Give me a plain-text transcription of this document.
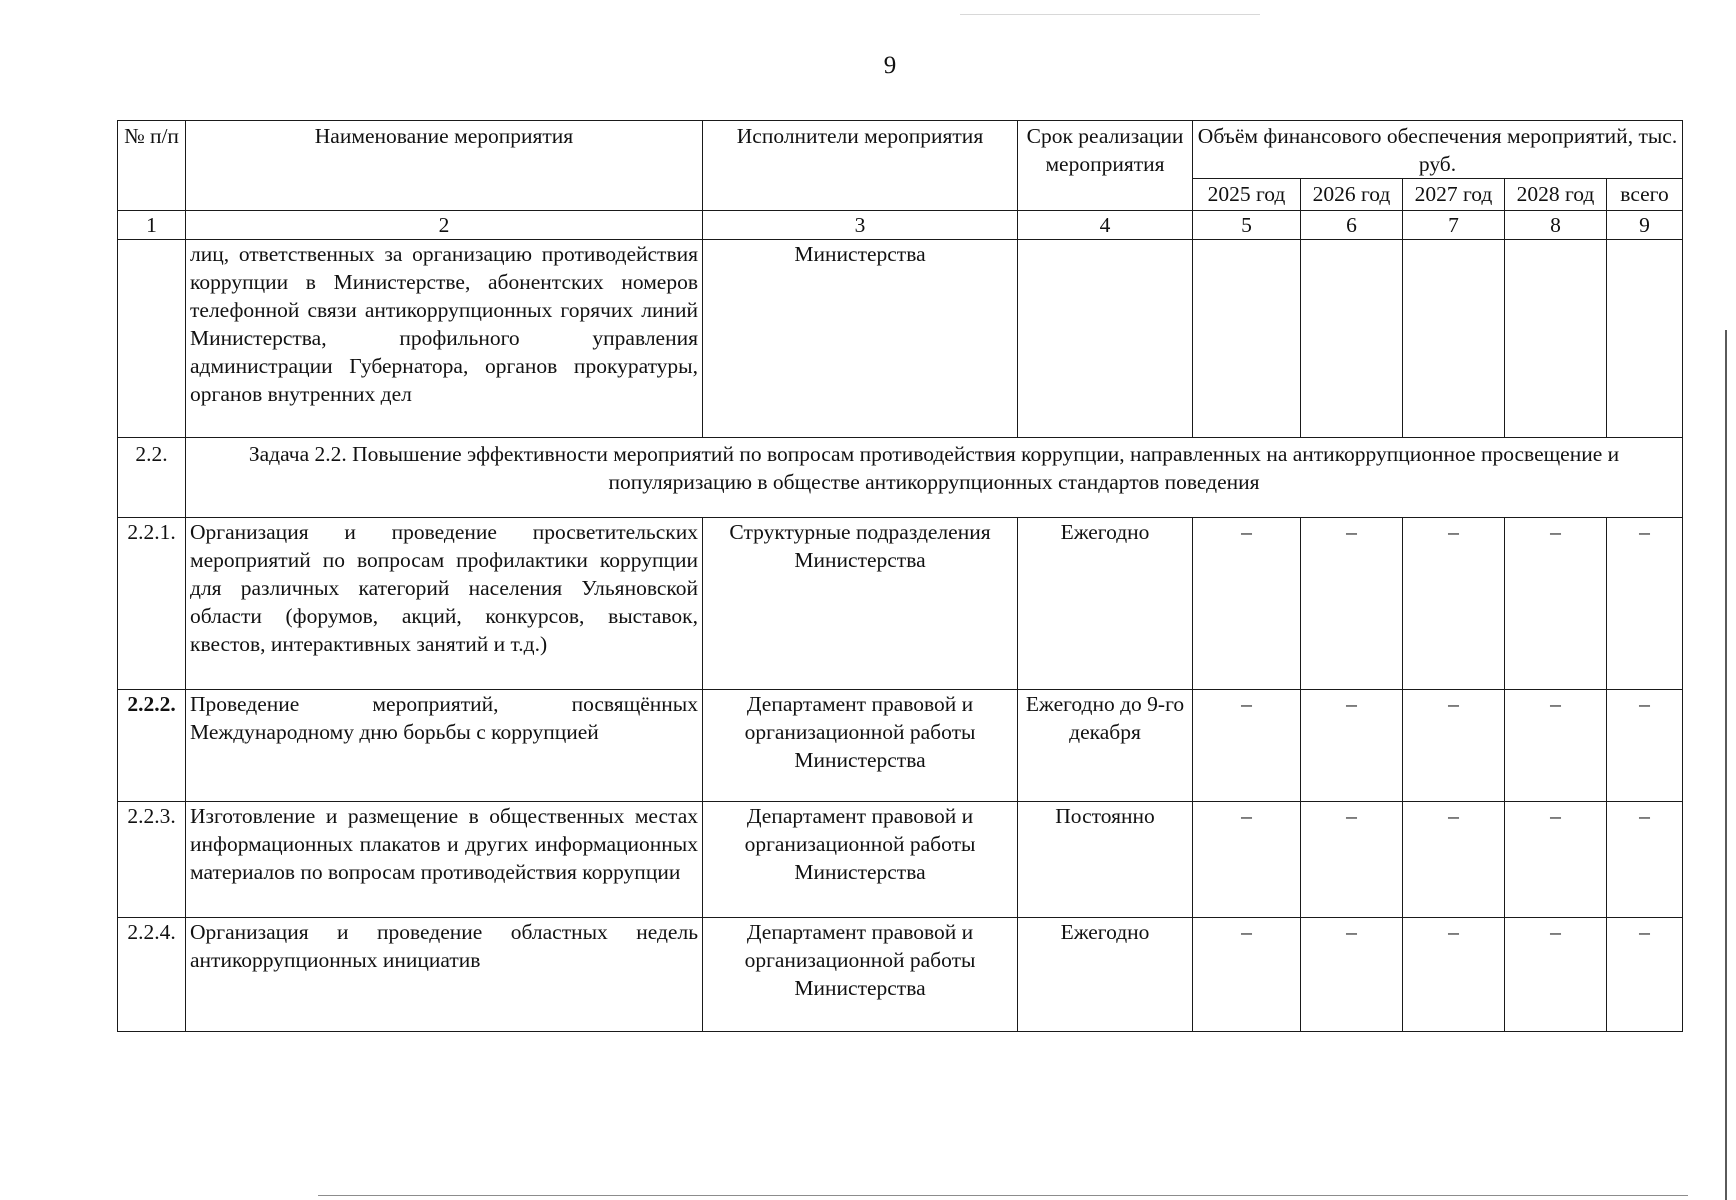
9
№ п/п	Наименование мероприятия	Исполнители мероприятия	Срок реализации мероприятия	Объём финансового обеспечения мероприятий, тыс. руб.				
				2025 год	2026 год	2027 год	2028 год	всего
1	2	3	4	5	6	7	8	9
	лиц, ответственных за организацию противодействия коррупции в Министерстве, абонентских номеров телефонной связи антикоррупционных горячих линий Министерства, профильного управления администрации Губернатора, органов прокуратуры, органов внутренних дел	Министерства						
2.2.	Задача 2.2. Повышение эффективности мероприятий по вопросам противодействия коррупции, направленных на антикоррупционное просвещение и популяризацию в обществе антикоррупционных стандартов поведения							
2.2.1.	Организация и проведение просветительских мероприятий по вопросам профилактики коррупции для различных категорий населения Ульяновской области (форумов, акций, конкурсов, выставок, квестов, интерактивных занятий и т.д.)	Структурные подразделения Министерства	Ежегодно	–	–	–	–	–
2.2.2.	Проведение мероприятий, посвящённых Международному дню борьбы с коррупцией	Департамент правовой и организационной работы Министерства	Ежегодно до 9-го декабря	–	–	–	–	–
2.2.3.	Изготовление и размещение в общественных местах информационных плакатов и других информационных материалов по вопросам противодействия коррупции	Департамент правовой и организационной работы Министерства	Постоянно	–	–	–	–	–
2.2.4.	Организация и проведение областных недель антикоррупционных инициатив	Департамент правовой и организационной работы Министерства	Ежегодно	–	–	–	–	–
